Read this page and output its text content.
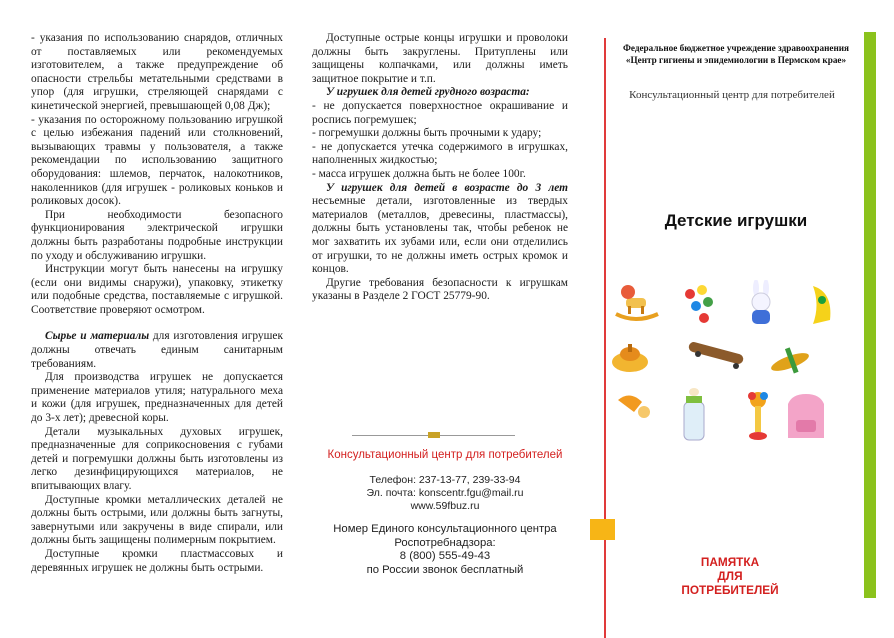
- указания по использованию снарядов, отличных от поставляемых или рекомендуемых изготовителем, а также предупреждение об опасности стрельбы метательными средствами в упор (для игрушки, стреляющей снарядами с кинетической энергией, превышающей 0,08 Дж);

- указания по осторожному пользованию игрушкой с целью избежания падений или столкновений, вызывающих травмы у пользователя, а также рекомендации по использованию защитного оборудования: шлемов, перчаток, налокотников, наколенников (для игрушек - роликовых коньков и роликовых досок).

При необходимости безопасного функционирования электрической игрушки должны быть разработаны подробные инструкции по уходу и обслуживанию игрушки.

Инструкции могут быть нанесены на игрушку (если они видимы снаружи), упаковку, этикетку или подобные средства, поставляемые с игрушкой. Соответствие проверяют осмотром.

Сырье и материалы для изготовления игрушек должны отвечать единым санитарным требованиям.

Для производства игрушек не допускается применение материалов утиля; натурального меха и кожи (для игрушек, предназначенных для детей до 3-х лет); древесной коры.

Детали музыкальных духовых игрушек, предназначенные для соприкосновения с губами детей и погремушки должны быть изготовлены из легко дезинфицирующихся материалов, не впитывающих влагу.

Доступные кромки металлических деталей не должны быть острыми, или должны быть загнуты, завернутыми или закручены в виде спирали, или должны быть защищены полимерным покрытием.

Доступные кромки пластмассовых и деревянных игрушек не должны быть острыми.

Доступные острые концы игрушки и проволоки должны быть закруглены. Притуплены или защищены колпачками, или должны иметь защитное покрытие и т.п.

У игрушек для детей грудного возраста:

- не допускается поверхностное окрашивание и роспись погремушек;

- погремушки должны быть прочными к удару;

- не допускается утечка содержимого в игрушках, наполненных жидкостью;

- масса игрушек должна быть не более 100г.

У игрушек для детей в возрасте до 3 лет несъемные детали, изготовленные из твердых материалов (металлов, древесины, пластмассы), должны быть установлены так, чтобы ребенок не мог захватить их зубами или, если они отделились от игрушки, то не должны иметь острых кромок и концов.

Другие требования безопасности к игрушкам указаны в Разделе 2 ГОСТ 25779-90.

Консультационный центр для потребителей
Телефон: 237-13-77, 239-33-94
Эл. почта: konscentr.fgu@mail.ru
www.59fbuz.ru
Номер Единого консультационного центра
Роспотребнадзора:
8 (800) 555-49-43
по России звонок бесплатный
Федеральное бюджетное учреждение здравоохранения
«Центр гигиены и эпидемиологии в Пермском крае»
Консультационный центр для потребителей
Детские игрушки
ПАМЯТКА
ДЛЯ
ПОТРЕБИТЕЛЕЙ
